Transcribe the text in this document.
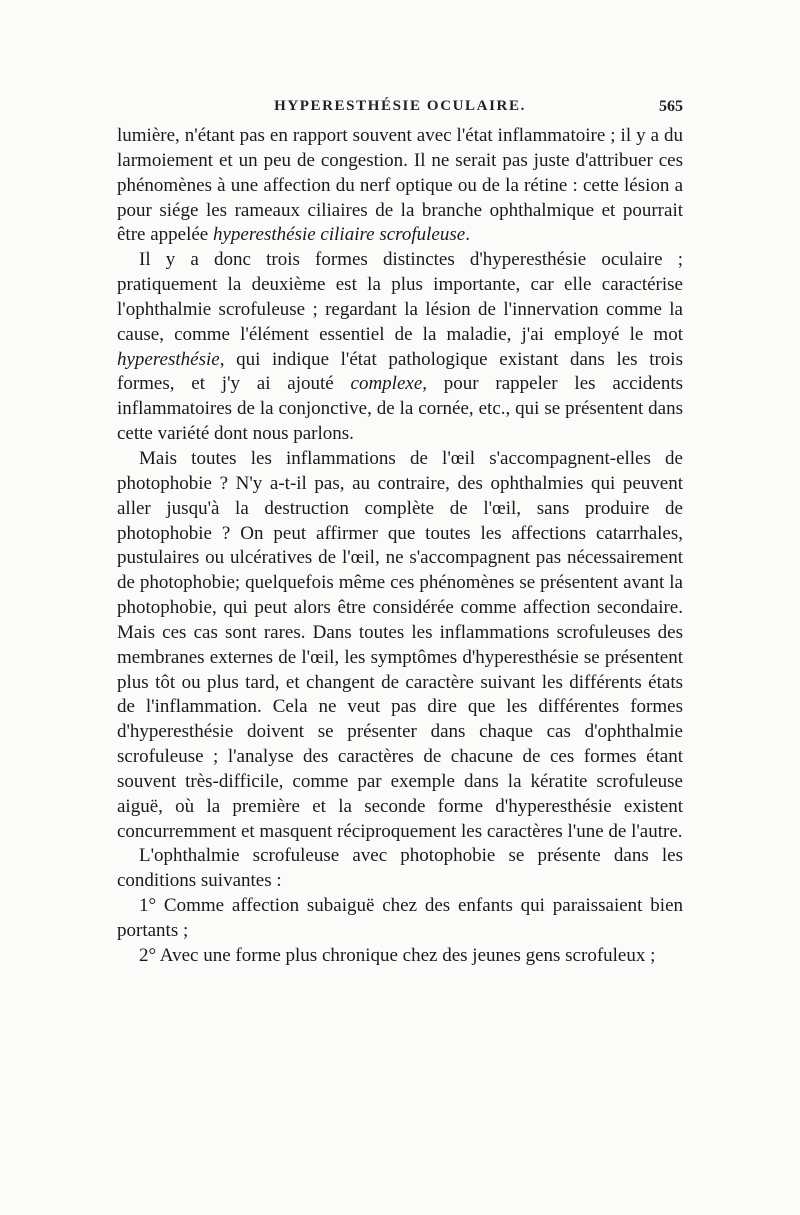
HYPERESTHÉSIE OCULAIRE.	565

lumière, n'étant pas en rapport souvent avec l'état inflammatoire ; il y a du larmoiement et un peu de congestion. Il ne serait pas juste d'attribuer ces phénomènes à une affection du nerf optique ou de la rétine : cette lésion a pour siége les rameaux ciliaires de la branche ophthalmique et pourrait être appelée hyperesthésie ciliaire scrofuleuse.

Il y a donc trois formes distinctes d'hyperesthésie oculaire ; pratiquement la deuxième est la plus importante, car elle caractérise l'ophthalmie scrofuleuse ; regardant la lésion de l'innervation comme la cause, comme l'élément essentiel de la maladie, j'ai employé le mot hyperesthésie, qui indique l'état pathologique existant dans les trois formes, et j'y ai ajouté complexe, pour rappeler les accidents inflammatoires de la conjonctive, de la cornée, etc., qui se présentent dans cette variété dont nous parlons.

Mais toutes les inflammations de l'œil s'accompagnent-elles de photophobie ? N'y a-t-il pas, au contraire, des ophthalmies qui peuvent aller jusqu'à la destruction complète de l'œil, sans produire de photophobie ? On peut affirmer que toutes les affections catarrhales, pustulaires ou ulcératives de l'œil, ne s'accompagnent pas nécessairement de photophobie; quelquefois même ces phénomènes se présentent avant la photophobie, qui peut alors être considérée comme affection secondaire. Mais ces cas sont rares. Dans toutes les inflammations scrofuleuses des membranes externes de l'œil, les symptômes d'hyperesthésie se présentent plus tôt ou plus tard, et changent de caractère suivant les différents états de l'inflammation. Cela ne veut pas dire que les différentes formes d'hyperesthésie doivent se présenter dans chaque cas d'ophthalmie scrofuleuse ; l'analyse des caractères de chacune de ces formes étant souvent très-difficile, comme par exemple dans la kératite scrofuleuse aiguë, où la première et la seconde forme d'hyperesthésie existent concurremment et masquent réciproquement les caractères l'une de l'autre.

L'ophthalmie scrofuleuse avec photophobie se présente dans les conditions suivantes :

1° Comme affection subaiguë chez des enfants qui paraissaient bien portants ;

2° Avec une forme plus chronique chez des jeunes gens scrofuleux ;
